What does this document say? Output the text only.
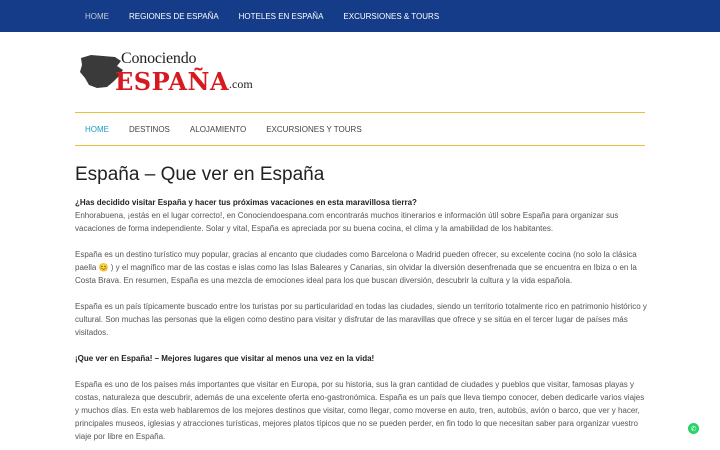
HOME	REGIONES DE ESPAÑA	HOTELES EN ESPAÑA	EXCURSIONES & TOURS
Conociendo
ESPAÑA .com
HOME	DESTINOS	ALOJAMIENTO	EXCURSIONES Y TOURS
España – Que ver en España

¿Has decidido visitar España y hacer tus próximas vacaciones en esta maravillosa tierra?
Enhorabuena, ¡estás en el lugar correcto!, en Conociendoespana.com encontrarás muchos itinerarios e información útil sobre España para organizar sus vacaciones de forma independiente. Solar y vital, España es apreciada por su buena cocina, el clima y la amabilidad de los habitantes.

España es un destino turístico muy popular, gracias al encanto que ciudades como Barcelona o Madrid pueden ofrecer, su excelente cocina (no solo la clásica paella 😊 ) y el magnífico mar de las costas e islas como las Islas Baleares y Canarias, sin olvidar la diversión desenfrenada que se encuentra en Ibiza o en la Costa Brava. En resumen, España es una mezcla de emociones ideal para los que buscan diversión, descubrir la cultura y la vida española.

España es un país típicamente buscado entre los turistas por su particularidad en todas las ciudades, siendo un territorio totalmente rico en patrimonio histórico y cultural. Son muchas las personas que la eligen como destino para visitar y disfrutar de las maravillas que ofrece y se sitúa en el tercer lugar de países más visitados.

¡Que ver en España! – Mejores lugares que visitar al menos una vez en la vida!

España es uno de los países más importantes que visitar en Europa, por su historia, sus la gran cantidad de ciudades y pueblos que visitar, famosas playas y costas, naturaleza que descubrir, además de una excelente oferta eno-gastronómica. España es un país que lleva tiempo conocer, deben dedicarle varios viajes y muchos días. En esta web hablaremos de los mejores destinos que visitar, como llegar, como moverse en auto, tren, autobús, avión o barco, que ver y hacer, principales museos, iglesias y atracciones turísticas, mejores platos típicos que no se pueden perder, en fin todo lo que necesitan saber para organizar vuestro viaje por libre en España.

✆
